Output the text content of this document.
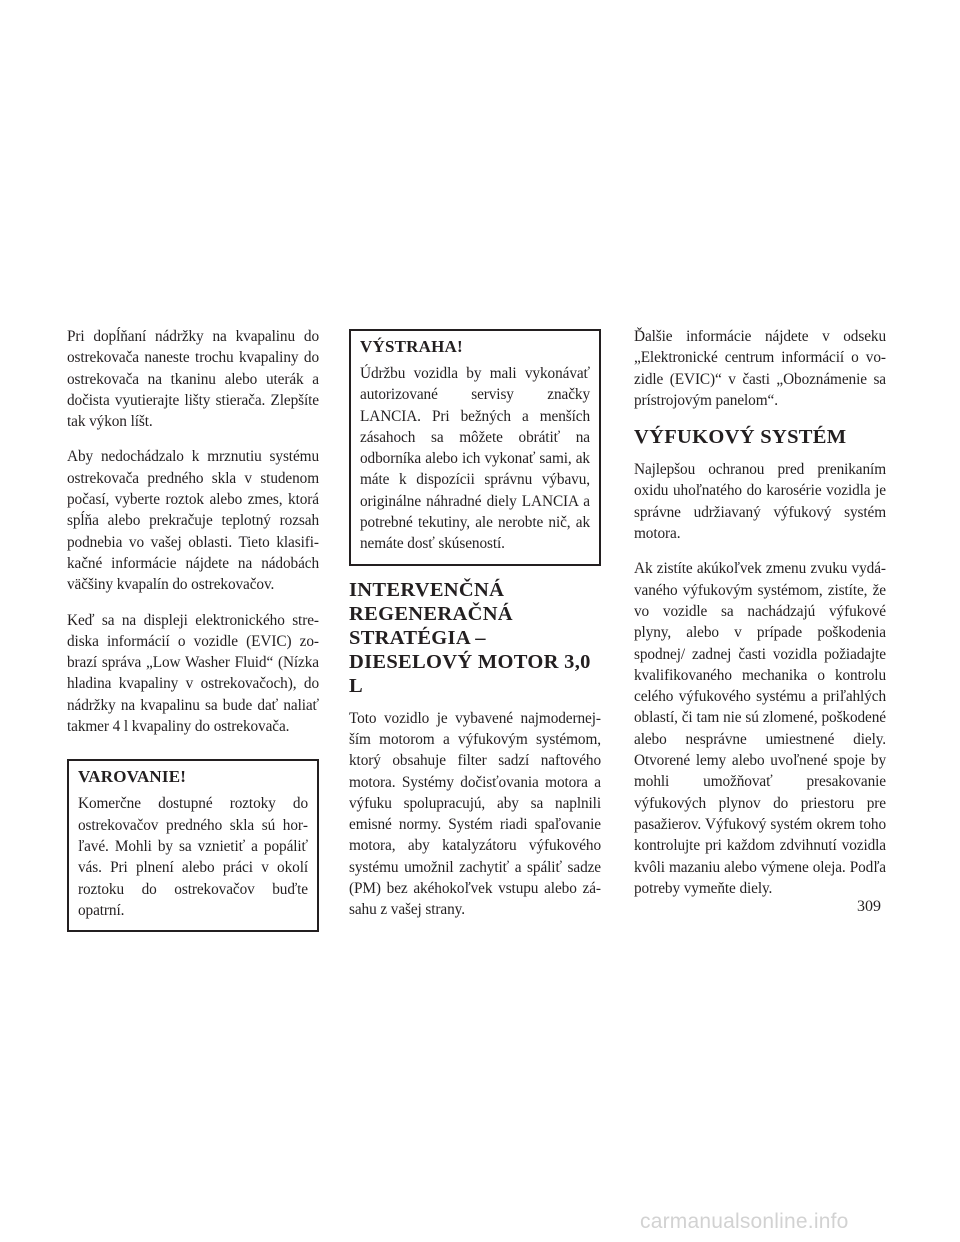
Pri dopĺňaní nádržky na kvapalinu do ostrekovača naneste trochu kvapaliny do ostrekovača na tkaninu alebo uterák a dočista vyutierajte lišty stierača. Zlepšíte tak výkon líšt.

Aby nedochádzalo k mrznutiu systému ostrekovača predného skla v studenom počasí, vyberte roztok alebo zmes, ktorá spĺňa alebo prekračuje teplotný rozsah podnebia vo vašej oblasti. Tieto klasifikačné informácie nájdete na nádobách väčšiny kvapalín do ostrekovačov.

Keď sa na displeji elektronického strediska informácií o vozidle (EVIC) zobrazí správa „Low Washer Fluid“ (Nízka hladina kvapaliny v ostrekovačoch), do nádržky na kvapalinu sa bude dať naliať takmer 4 l kvapaliny do ostrekovača.

VAROVANIE!

Komerčne dostupné roztoky do ostrekovačov predného skla sú horľavé. Mohli by sa vznietiť a popáliť vás. Pri plnení alebo práci v okolí roztoku do ostrekovačov buďte opatrní.

VÝSTRAHA!

Údržbu vozidla by mali vykonávať autorizované servisy značky LANCIA. Pri bežných a menších zásahoch sa môžete obrátiť na odborníka alebo ich vykonať sami, ak máte k dispozícii správnu výbavu, originálne náhradné diely LANCIA a potrebné tekutiny, ale nerobte nič, ak nemáte dosť skúseností.

INTERVENČNÁ REGENERAČNÁ STRATÉGIA – DIESELOVÝ MOTOR 3,0 L

Toto vozidlo je vybavené najmodernejším motorom a výfukovým systémom, ktorý obsahuje filter sadzí naftového motora. Systémy dočisťovania motora a výfuku spolupracujú, aby sa naplnili emisné normy. Systém riadi spaľovanie motora, aby katalyzátoru výfukového systému umožnil zachytiť a spáliť sadze (PM) bez akéhokoľvek vstupu alebo zásahu z vašej strany.

Ďalšie informácie nájdete v odseku „Elektronické centrum informácií o vozidle (EVIC)“ v časti „Oboznámenie sa prístrojovým panelom“.

VÝFUKOVÝ SYSTÉM

Najlepšou ochranou pred prenikaním oxidu uhoľnatého do karosérie vozidla je správne udržiavaný výfukový systém motora.

Ak zistíte akúkoľvek zmenu zvuku vydávaného výfukovým systémom, zistíte, že vo vozidle sa nachádzajú výfukové plyny, alebo v prípade poškodenia spodnej/ zadnej časti vozidla požiadajte kvalifikovaného mechanika o kontrolu celého výfukového systému a priľahlých oblastí, či tam nie sú zlomené, poškodené alebo nesprávne umiestnené diely. Otvorené lemy alebo uvoľnené spoje by mohli umožňovať presakovanie výfukových plynov do priestoru pre pasažierov. Výfukový systém okrem toho kontrolujte pri každom zdvihnutí vozidla kvôli mazaniu alebo výmene oleja. Podľa potreby vymeňte diely.

309
carmanualsonline.info
